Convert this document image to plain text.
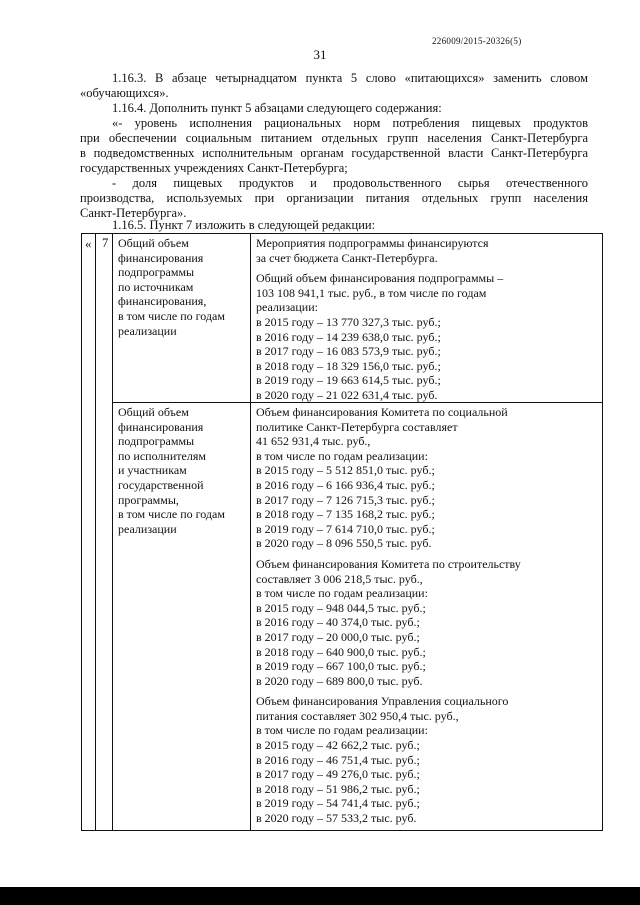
226009/2015-20326(5)
31
1.16.3. В абзаце четырнадцатом пункта 5 слово «питающихся» заменить словом
«обучающихся».
1.16.4. Дополнить пункт 5 абзацами следующего содержания:
«- уровень исполнения рациональных норм потребления пищевых продуктов
при обеспечении социальным питанием отдельных групп населения Санкт-Петербурга
в подведомственных исполнительным органам государственной власти Санкт-Петербурга
государственных учреждениях Санкт-Петербурга;
- доля пищевых продуктов и продовольственного сырья отечественного
производства, используемых при организации питания отдельных групп населения
Санкт-Петербурга».
1.16.5. Пункт 7 изложить в следующей редакции:
« 7 Общий объем
финансирования
подпрограммы
по источникам
финансирования,
в том числе по годам
реализации
Мероприятия подпрограммы финансируются
за счет бюджета Санкт-Петербурга.
Общий объем финансирования подпрограммы –
103 108 941,1 тыс. руб., в том числе по годам
реализации:
в 2015 году – 13 770 327,3 тыс. руб.;
в 2016 году – 14 239 638,0 тыс. руб.;
в 2017 году – 16 083 573,9 тыс. руб.;
в 2018 году – 18 329 156,0 тыс. руб.;
в 2019 году – 19 663 614,5 тыс. руб.;
в 2020 году – 21 022 631,4 тыс. руб.
Общий объем
финансирования
подпрограммы
по исполнителям
и участникам
государственной
программы,
в том числе по годам
реализации
Объем финансирования Комитета по социальной
политике Санкт-Петербурга составляет
41 652 931,4 тыс. руб.,
в том числе по годам реализации:
в 2015 году – 5 512 851,0 тыс. руб.;
в 2016 году – 6 166 936,4 тыс. руб.;
в 2017 году – 7 126 715,3 тыс. руб.;
в 2018 году – 7 135 168,2 тыс. руб.;
в 2019 году – 7 614 710,0 тыс. руб.;
в 2020 году – 8 096 550,5 тыс. руб.
Объем финансирования Комитета по строительству
составляет 3 006 218,5 тыс. руб.,
в том числе по годам реализации:
в 2015 году – 948 044,5 тыс. руб.;
в 2016 году – 40 374,0 тыс. руб.;
в 2017 году – 20 000,0 тыс. руб.;
в 2018 году – 640 900,0 тыс. руб.;
в 2019 году – 667 100,0 тыс. руб.;
в 2020 году – 689 800,0 тыс. руб.
Объем финансирования Управления социального
питания составляет 302 950,4 тыс. руб.,
в том числе по годам реализации:
в 2015 году – 42 662,2 тыс. руб.;
в 2016 году – 46 751,4 тыс. руб.;
в 2017 году – 49 276,0 тыс. руб.;
в 2018 году – 51 986,2 тыс. руб.;
в 2019 году – 54 741,4 тыс. руб.;
в 2020 году – 57 533,2 тыс. руб.
